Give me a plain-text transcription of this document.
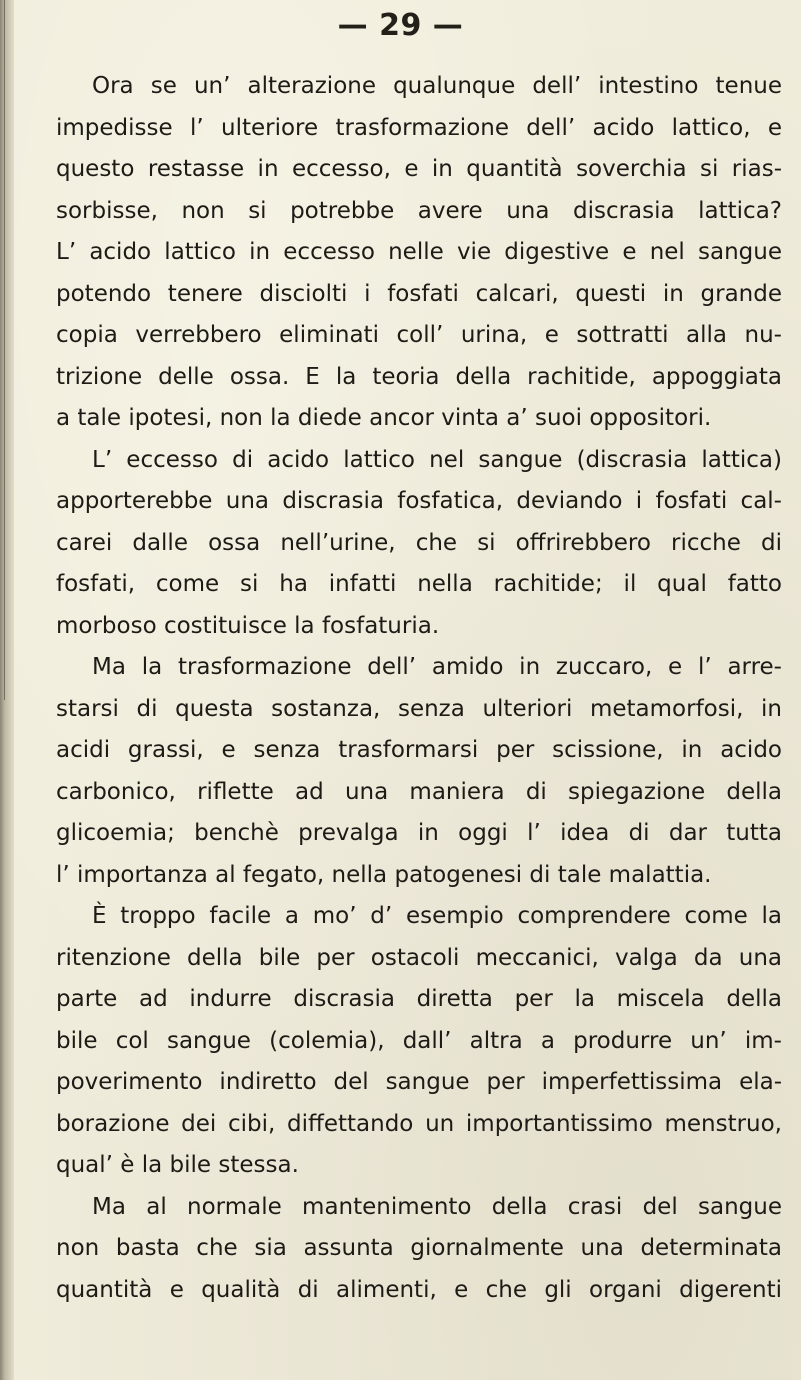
— 29 —
Ora se un’ alterazione qualunque dell’ intestino tenue
impedisse l’ ulteriore trasformazione dell’ acido lattico, e
questo restasse in eccesso, e in quantità soverchia si rias-
sorbisse, non si potrebbe avere una discrasia lattica?
L’ acido lattico in eccesso nelle vie digestive e nel sangue
potendo tenere disciolti i fosfati calcari, questi in grande
copia verrebbero eliminati coll’ urina, e sottratti alla nu-
trizione delle ossa. E la teoria della rachitide, appoggiata
a tale ipotesi, non la diede ancor vinta a’ suoi oppositori.
L’ eccesso di acido lattico nel sangue (discrasia lattica)
apporterebbe una discrasia fosfatica, deviando i fosfati cal-
carei dalle ossa nell’urine, che si offrirebbero ricche di
fosfati, come si ha infatti nella rachitide; il qual fatto
morboso costituisce la fosfaturia.
Ma la trasformazione dell’ amido in zuccaro, e l’ arre-
starsi di questa sostanza, senza ulteriori metamorfosi, in
acidi grassi, e senza trasformarsi per scissione, in acido
carbonico, riflette ad una maniera di spiegazione della
glicoemia; benchè prevalga in oggi l’ idea di dar tutta
l’ importanza al fegato, nella patogenesi di tale malattia.
È troppo facile a mo’ d’ esempio comprendere come la
ritenzione della bile per ostacoli meccanici, valga da una
parte ad indurre discrasia diretta per la miscela della
bile col sangue (colemia), dall’ altra a produrre un’ im-
poverimento indiretto del sangue per imperfettissima ela-
borazione dei cibi, diffettando un importantissimo menstruo,
qual’ è la bile stessa.
Ma al normale mantenimento della crasi del sangue
non basta che sia assunta giornalmente una determinata
quantità e qualità di alimenti, e che gli organi digerenti
